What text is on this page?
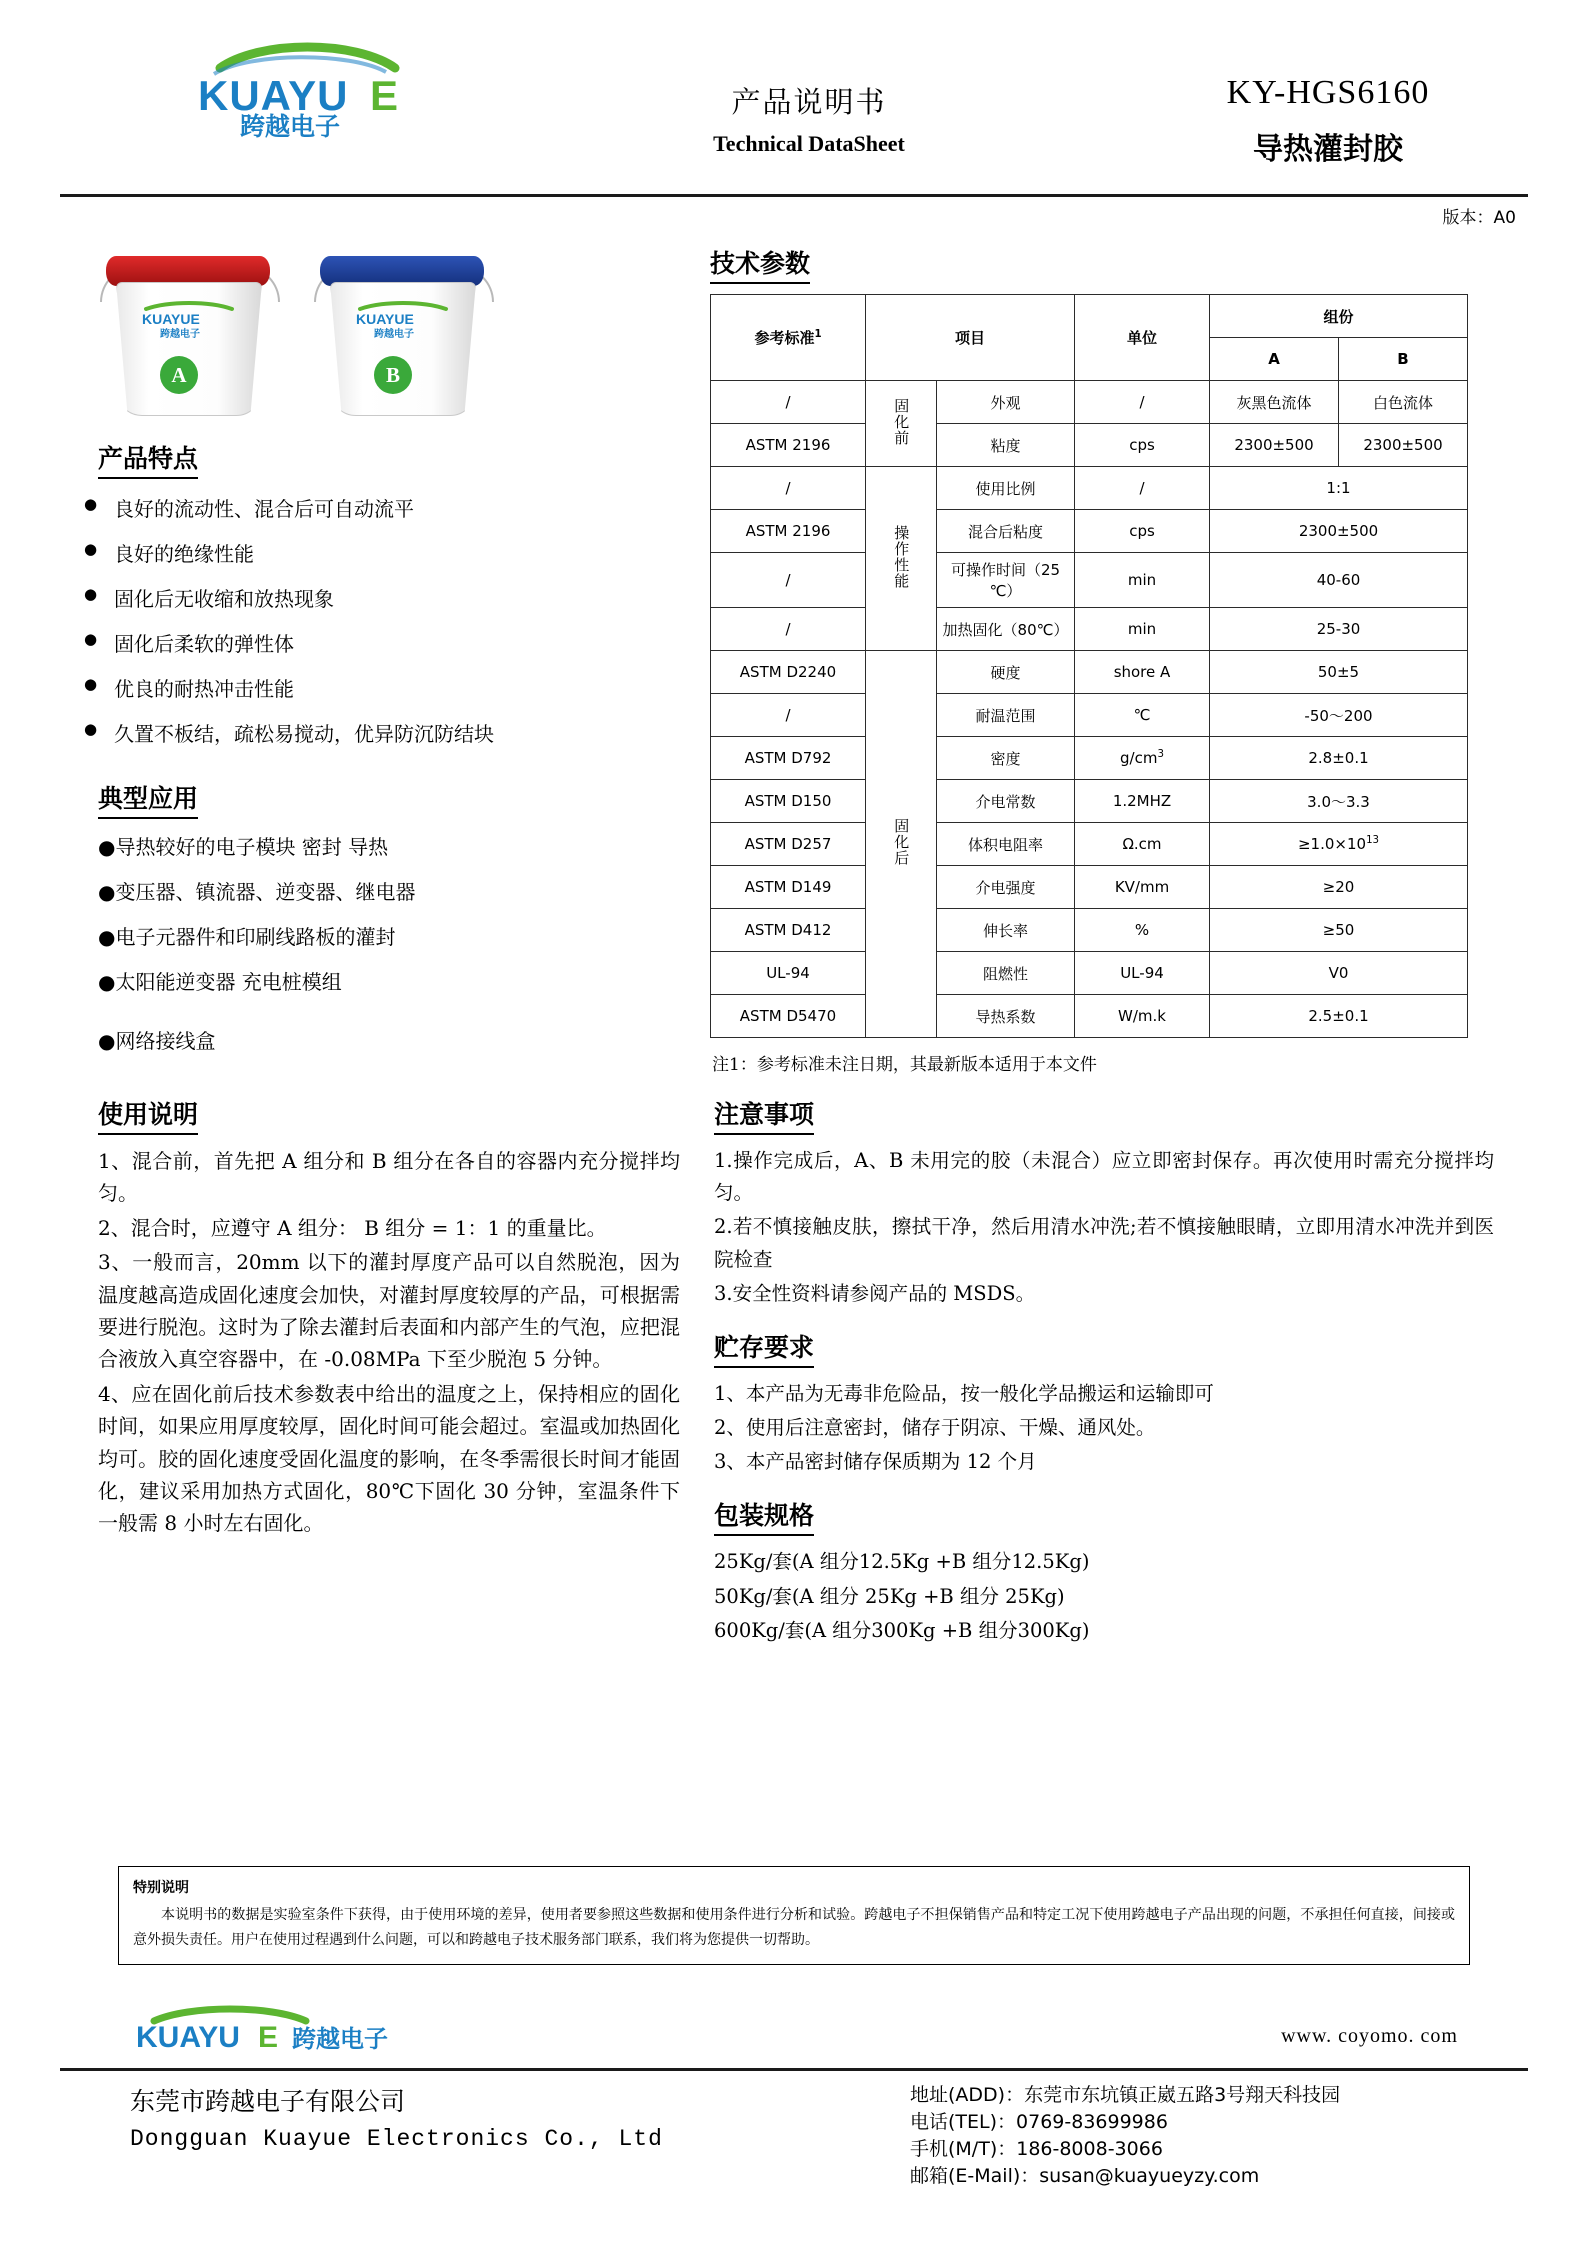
KUAYU E
跨越电子
产品说明书
Technical DataSheet
KY-HGS6160
导热灌封胶
版本：A0
KUAYUE
跨越电子
A
KUAYUE
跨越电子
B
产品特点
● 良好的流动性、混合后可自动流平
● 良好的绝缘性能
● 固化后无收缩和放热现象
● 固化后柔软的弹性体
● 优良的耐热冲击性能
● 久置不板结，疏松易搅动，优异防沉防结块
典型应用

●导热较好的电子模块 密封 导热

●变压器、镇流器、逆变器、继电器

●电子元器件和印刷线路板的灌封

●太阳能逆变器 充电桩模组

●网络接线盒

技术参数
参考标准$^1$	项目		单位	组份	
				A	B
/	固化前	外观	/	灰黑色流体	白色流体
ASTM 2196		粘度	cps	2300±500	2300±500
/	操作性能	使用比例	/	1:1	
ASTM 2196		混合后粘度	cps	2300±500	
/		可操作时间（25 ℃）	min	40-60	
/		加热固化（80℃）	min	25-30	
ASTM D2240	固化后	硬度	shore A	50±5	
/		耐温范围	℃	-50～200	
ASTM D792		密度	$g/cm^3$	2.8±0.1	
ASTM D150		介电常数	1.2MHZ	3.0～3.3	
ASTM D257		体积电阻率	Ω.cm	$\ge 1.0\times 10^{13}$
ASTM D149		介电强度	KV/mm	≥20	
ASTM D412		伸长率	%	≥50	
UL-94		阻燃性	UL-94	V0	
ASTM D5470		导热系数	W/m.k	2.5±0.1	
注1：参考标准未注日期，其最新版本适用于本文件
使用说明

1、混合前，首先把 A 组分和 B 组分在各自的容器内充分搅拌均匀。

2、混合时，应遵守 A 组分： B 组分 = 1：1 的重量比。

3、一般而言，20mm 以下的灌封厚度产品可以自然脱泡，因为温度越高造成固化速度会加快，对灌封厚度较厚的产品，可根据需要进行脱泡。这时为了除去灌封后表面和内部产生的气泡，应把混合液放入真空容器中，在 -0.08MPa 下至少脱泡 5 分钟。

4、应在固化前后技术参数表中给出的温度之上，保持相应的固化时间，如果应用厚度较厚，固化时间可能会超过。室温或加热固化均可。胶的固化速度受固化温度的影响，在冬季需很长时间才能固化，建议采用加热方式固化，80℃下固化 30 分钟，室温条件下一般需 8 小时左右固化。

注意事项

1.操作完成后，A、B 未用完的胶（未混合）应立即密封保存。再次使用时需充分搅拌均匀。

2.若不慎接触皮肤，擦拭干净，然后用清水冲洗;若不慎接触眼睛，立即用清水冲洗并到医院检查

3.安全性资料请参阅产品的 MSDS。

贮存要求

1、本产品为无毒非危险品，按一般化学品搬运和运输即可

2、使用后注意密封，储存于阴凉、干燥、通风处。

3、本产品密封储存保质期为 12 个月

包装规格

25Kg/套(A 组分12.5Kg +B 组分12.5Kg)

50Kg/套(A 组分 25Kg +B 组分 25Kg)

600Kg/套(A 组分300Kg +B 组分300Kg)

特别说明
本说明书的数据是实验室条件下获得，由于使用环境的差异，使用者要参照这些数据和使用条件进行分析和试验。跨越电子不担保销售产品和特定工况下使用跨越电子产品出现的问题，不承担任何直接，间接或意外损失责任。用户在使用过程遇到什么问题，可以和跨越电子技术服务部门联系，我们将为您提供一切帮助。
KUAYU E 跨越电子	www. coyomo. com
东莞市跨越电子有限公司
Dongguan Kuayue Electronics Co., Ltd
地址(ADD)：东莞市东坑镇正崴五路3号翔天科技园
电话(TEL)：0769-83699986
手机(M/T)：186-8008-3066
邮箱(E-Mail)：susan@kuayueyzy.com
